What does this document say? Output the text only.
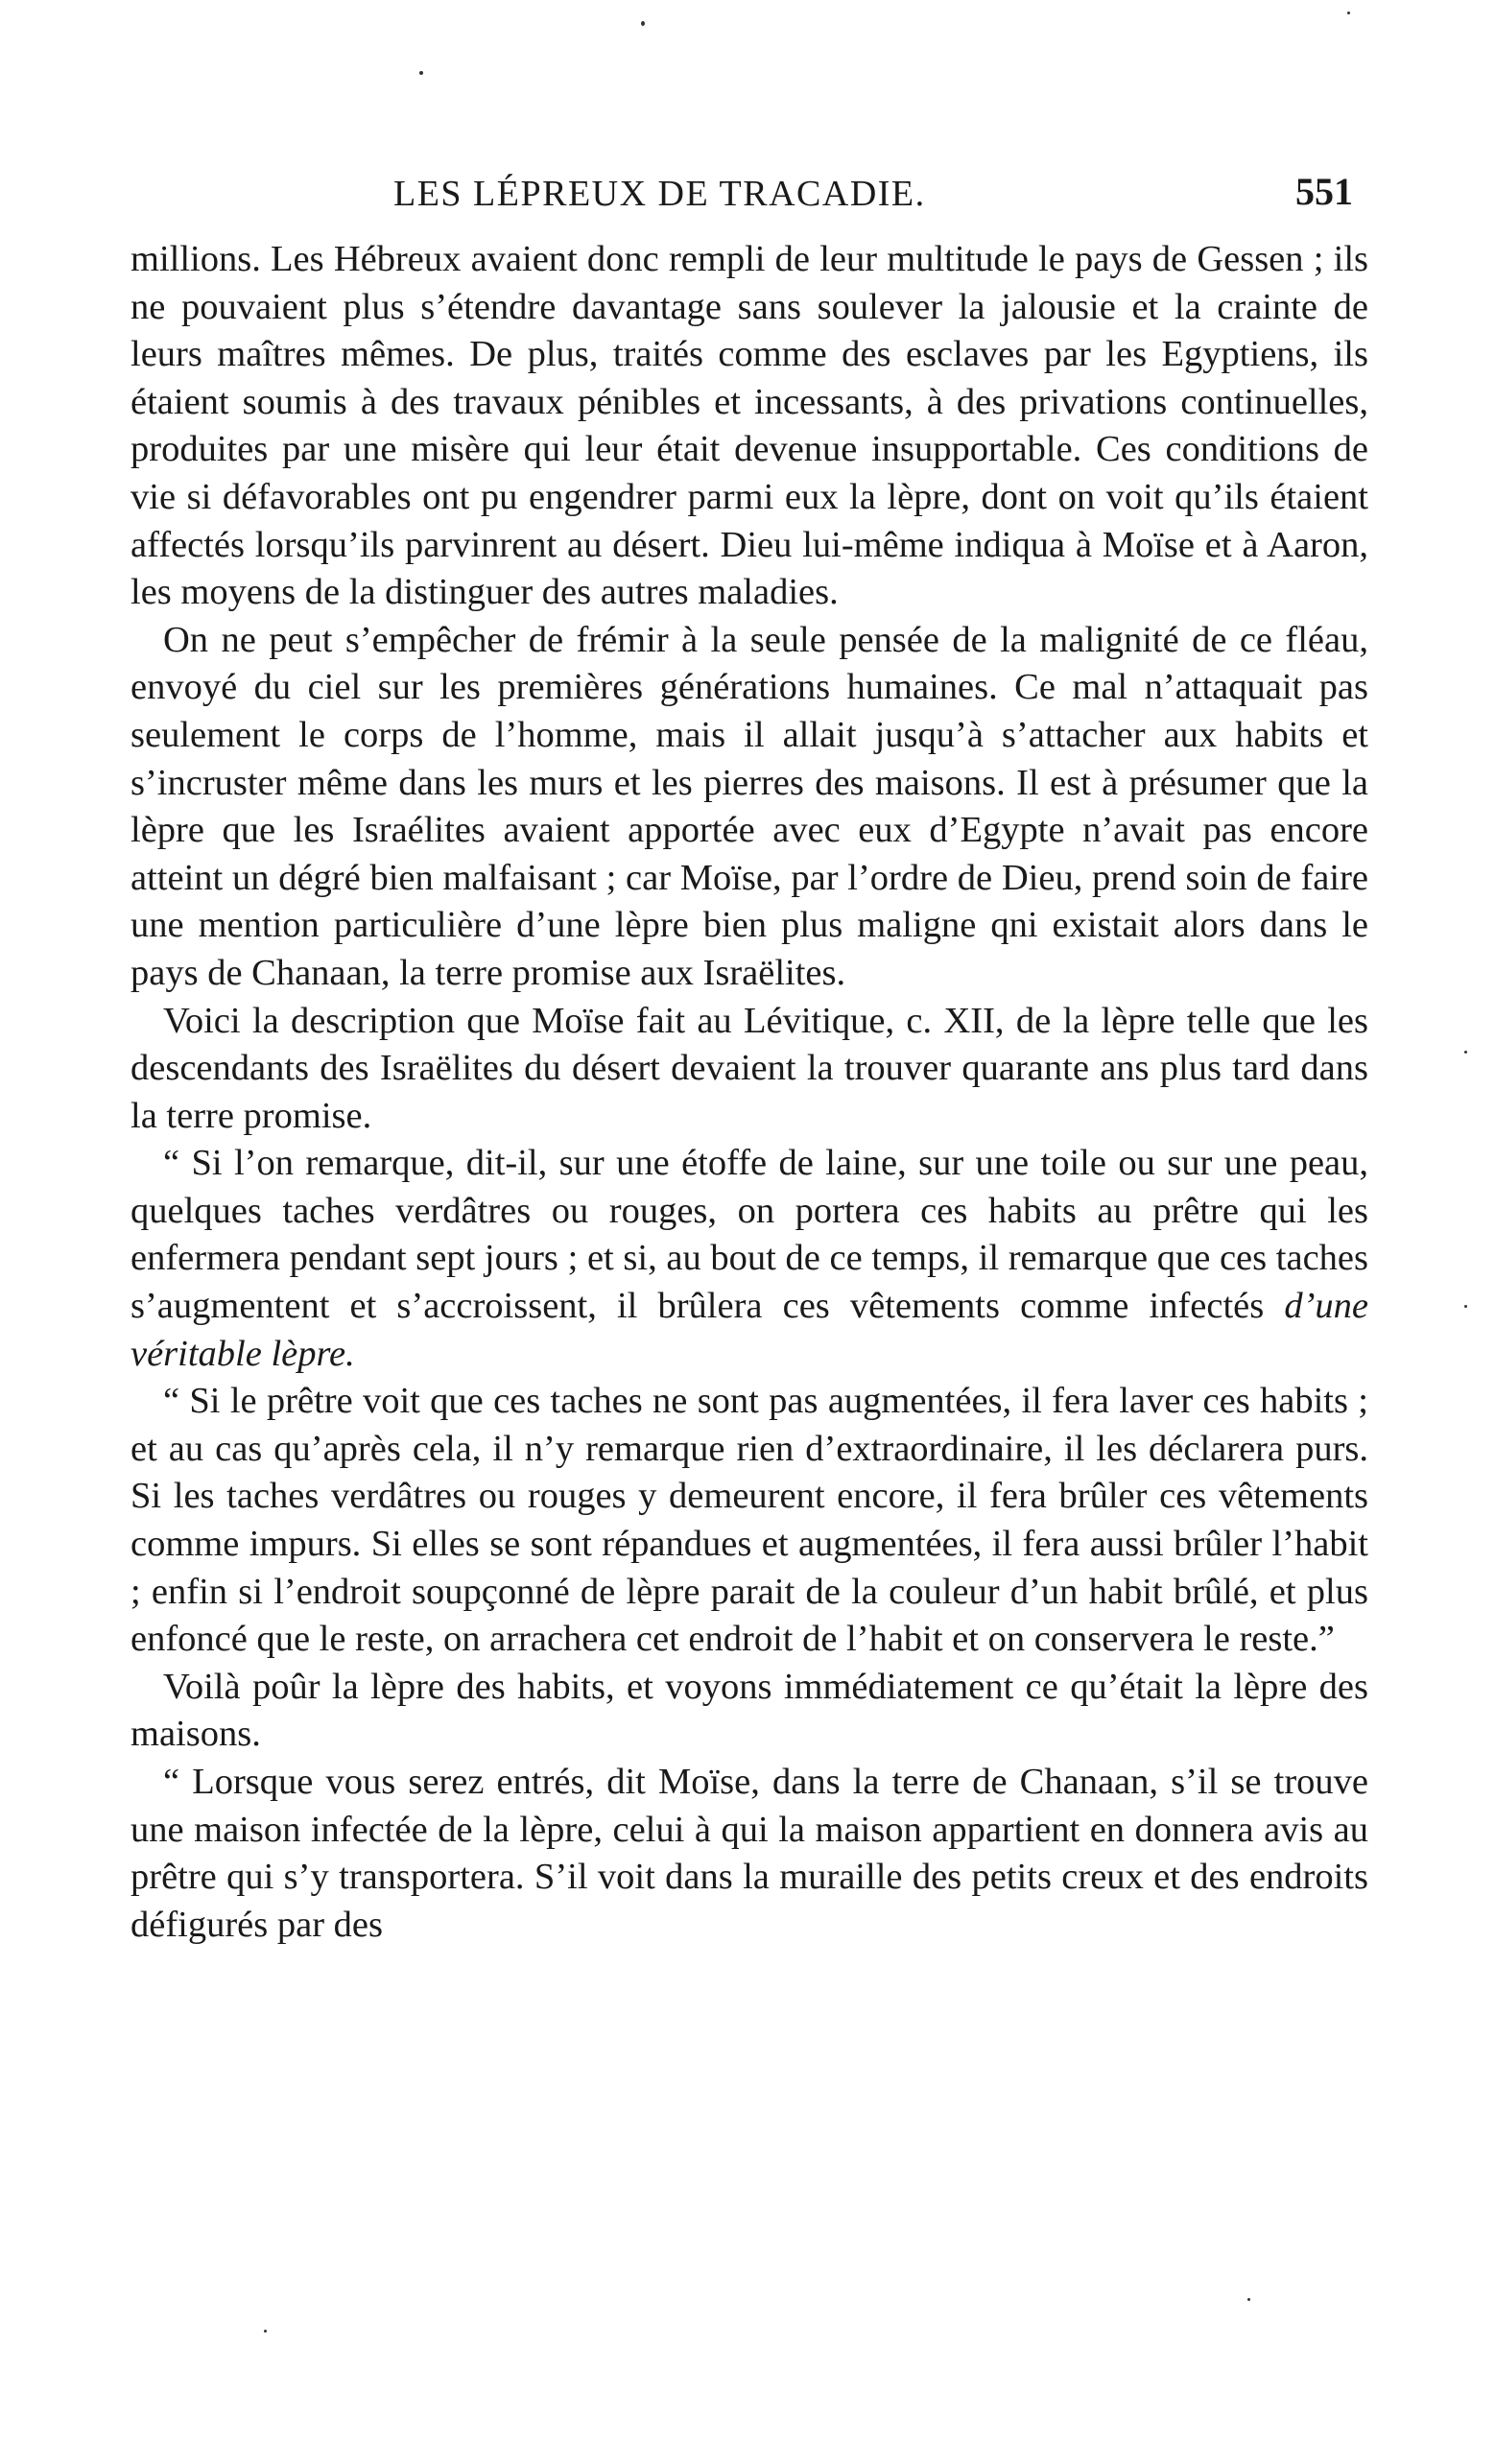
LES LÉPREUX DE TRACADIE.	551

millions. Les Hébreux avaient donc rempli de leur multitude le pays de Gessen ; ils ne pouvaient plus s’étendre davantage sans soulever la jalousie et la crainte de leurs maîtres mêmes. De plus, traités comme des esclaves par les Egyptiens, ils étaient soumis à des travaux pénibles et incessants, à des privations continuelles, produites par une misère qui leur était devenue insupportable. Ces conditions de vie si défavorables ont pu engendrer parmi eux la lèpre, dont on voit qu’ils étaient affectés lorsqu’ils parvinrent au désert. Dieu lui-même indiqua à Moïse et à Aaron, les moyens de la distinguer des autres maladies.

On ne peut s’empêcher de frémir à la seule pensée de la malignité de ce fléau, envoyé du ciel sur les premières générations humaines. Ce mal n’attaquait pas seulement le corps de l’homme, mais il allait jusqu’à s’attacher aux habits et s’incruster même dans les murs et les pierres des maisons. Il est à présumer que la lèpre que les Israélites avaient apportée avec eux d’Egypte n’avait pas encore atteint un dégré bien malfaisant ; car Moïse, par l’ordre de Dieu, prend soin de faire une mention particulière d’une lèpre bien plus maligne qni existait alors dans le pays de Chanaan, la terre promise aux Israëlites.

Voici la description que Moïse fait au Lévitique, c. XII, de la lèpre telle que les descendants des Israëlites du désert devaient la trouver quarante ans plus tard dans la terre promise.

“ Si l’on remarque, dit-il, sur une étoffe de laine, sur une toile ou sur une peau, quelques taches verdâtres ou rouges, on portera ces habits au prêtre qui les enfermera pendant sept jours ; et si, au bout de ce temps, il remarque que ces taches s’augmentent et s’accroissent, il brûlera ces vêtements comme infectés d’une véritable lèpre.

“ Si le prêtre voit que ces taches ne sont pas augmentées, il fera laver ces habits ; et au cas qu’après cela, il n’y remarque rien d’extraordinaire, il les déclarera purs. Si les taches verdâtres ou rouges y demeurent encore, il fera brûler ces vêtements comme impurs. Si elles se sont répandues et augmentées, il fera aussi brûler l’habit ; enfin si l’endroit soupçonné de lèpre parait de la couleur d’un habit brûlé, et plus enfoncé que le reste, on arrachera cet endroit de l’habit et on conservera le reste.”

Voilà poûr la lèpre des habits, et voyons immédiatement ce qu’était la lèpre des maisons.

“ Lorsque vous serez entrés, dit Moïse, dans la terre de Chanaan, s’il se trouve une maison infectée de la lèpre, celui à qui la maison appartient en donnera avis au prêtre qui s’y transportera. S’il voit dans la muraille des petits creux et des endroits défigurés par des
